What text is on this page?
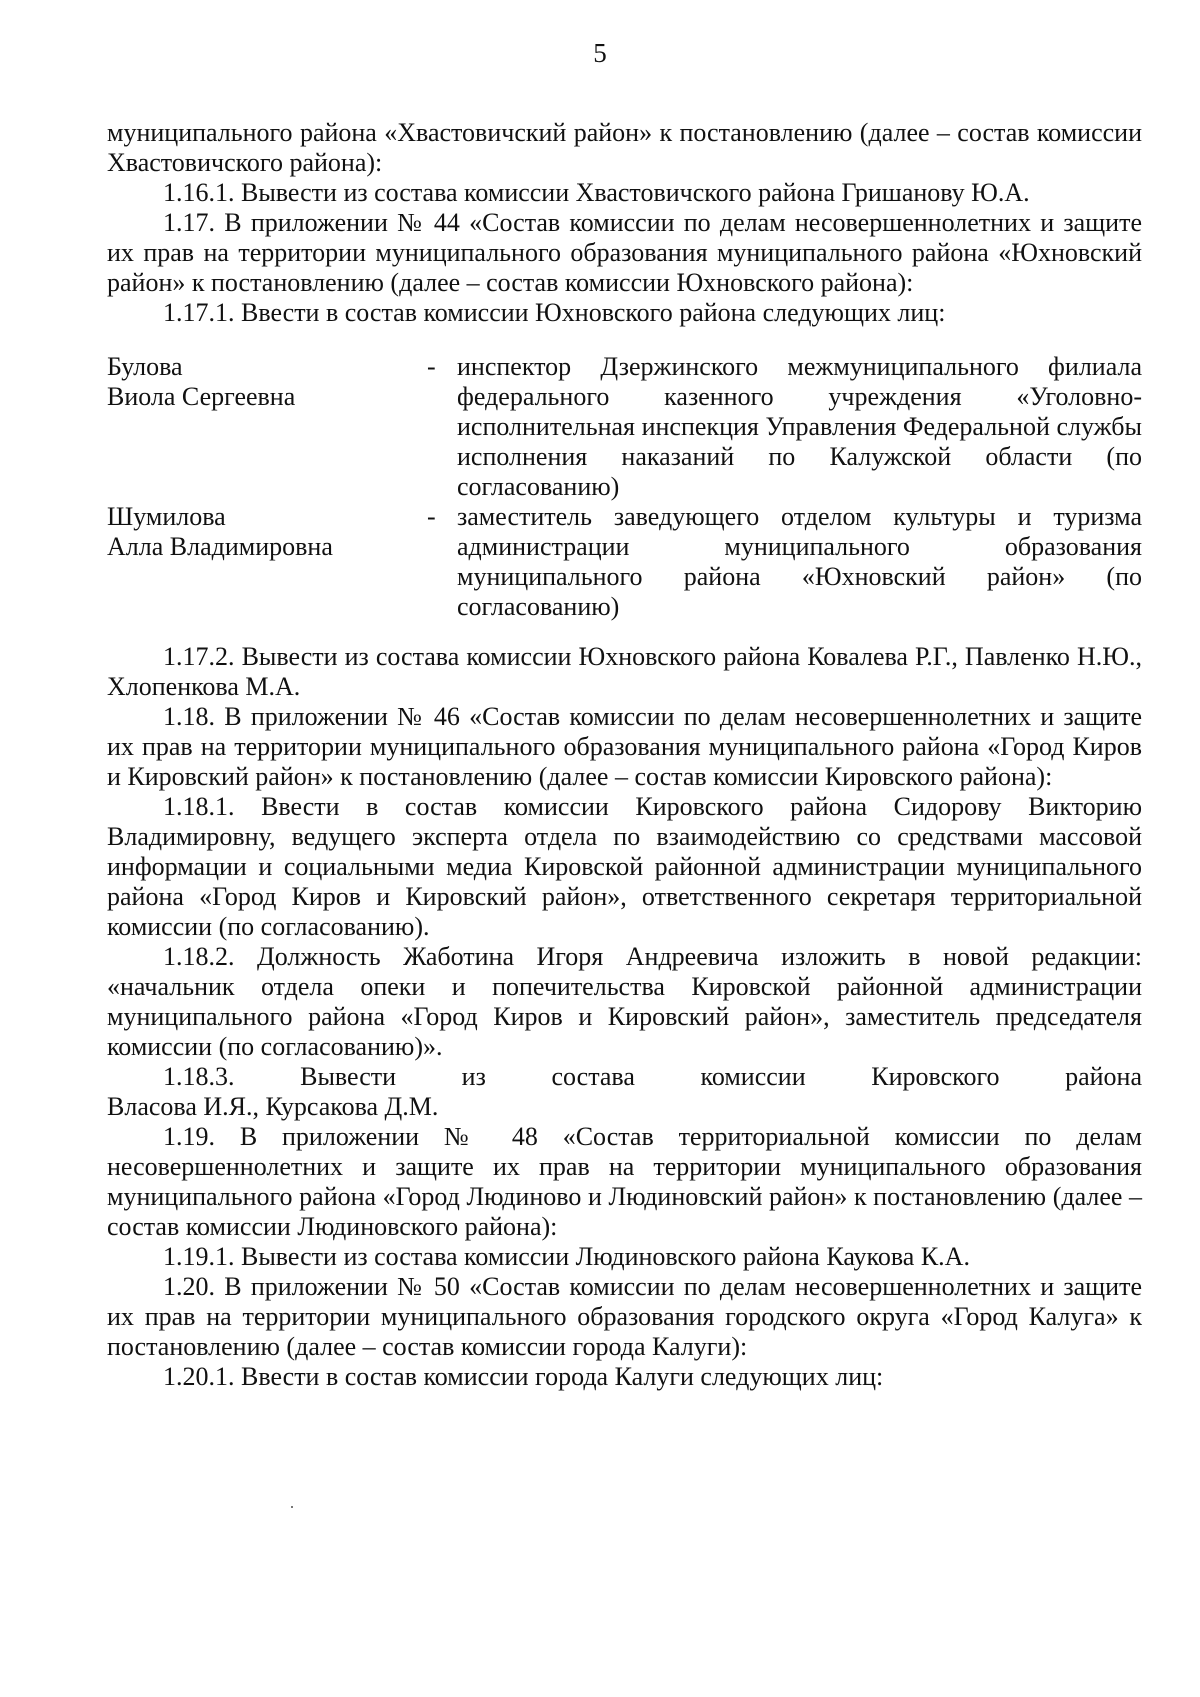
5

муниципального района «Хвастовичский район» к постановлению (далее – состав комиссии Хвастовичского района):

1.16.1. Вывести из состава комиссии Хвастовичского района Гришанову Ю.А.

1.17. В приложении № 44 «Состав комиссии по делам несовершеннолетних и защите их прав на территории муниципального образования муниципального района «Юхновский район» к постановлению (далее – состав комиссии Юхновского района):

1.17.1. Ввести в состав комиссии Юхновского района следующих лиц:

Булова
Виола Сергеевна
- инспектор Дзержинского межмуниципального филиала федерального казенного учреждения «Уголовно-исполнительная инспекция Управления Федеральной службы исполнения наказаний по Калужской области (по согласованию)
Шумилова
Алла Владимировна
- заместитель заведующего отделом культуры и туризма администрации муниципального образования муниципального района «Юхновский район» (по согласованию)

1.17.2. Вывести из состава комиссии Юхновского района Ковалева Р.Г., Павленко Н.Ю., Хлопенкова М.А.

1.18. В приложении № 46 «Состав комиссии по делам несовершеннолетних и защите их прав на территории муниципального образования муниципального района «Город Киров и Кировский район» к постановлению (далее – состав комиссии Кировского района):

1.18.1. Ввести в состав комиссии Кировского района Сидорову Викторию Владимировну, ведущего эксперта отдела по взаимодействию со средствами массовой информации и социальными медиа Кировской районной администрации муниципального района «Город Киров и Кировский район», ответственного секретаря территориальной комиссии (по согласованию).

1.18.2. Должность Жаботина Игоря Андреевича изложить в новой редакции: «начальник отдела опеки и попечительства Кировской районной администрации муниципального района «Город Киров и Кировский район», заместитель председателя комиссии (по согласованию)».

1.18.3. Вывести из состава комиссии Кировского района

Власова И.Я., Курсакова Д.М.

1.19. В приложении № 48 «Состав территориальной комиссии по делам несовершеннолетних и защите их прав на территории муниципального образования муниципального района «Город Людиново и Людиновский район» к постановлению (далее – состав комиссии Людиновского района):

1.19.1. Вывести из состава комиссии Людиновского района Каукова К.А.

1.20. В приложении № 50 «Состав комиссии по делам несовершеннолетних и защите их прав на территории муниципального образования городского округа «Город Калуга» к постановлению (далее – состав комиссии города Калуги):

1.20.1. Ввести в состав комиссии города Калуги следующих лиц:
